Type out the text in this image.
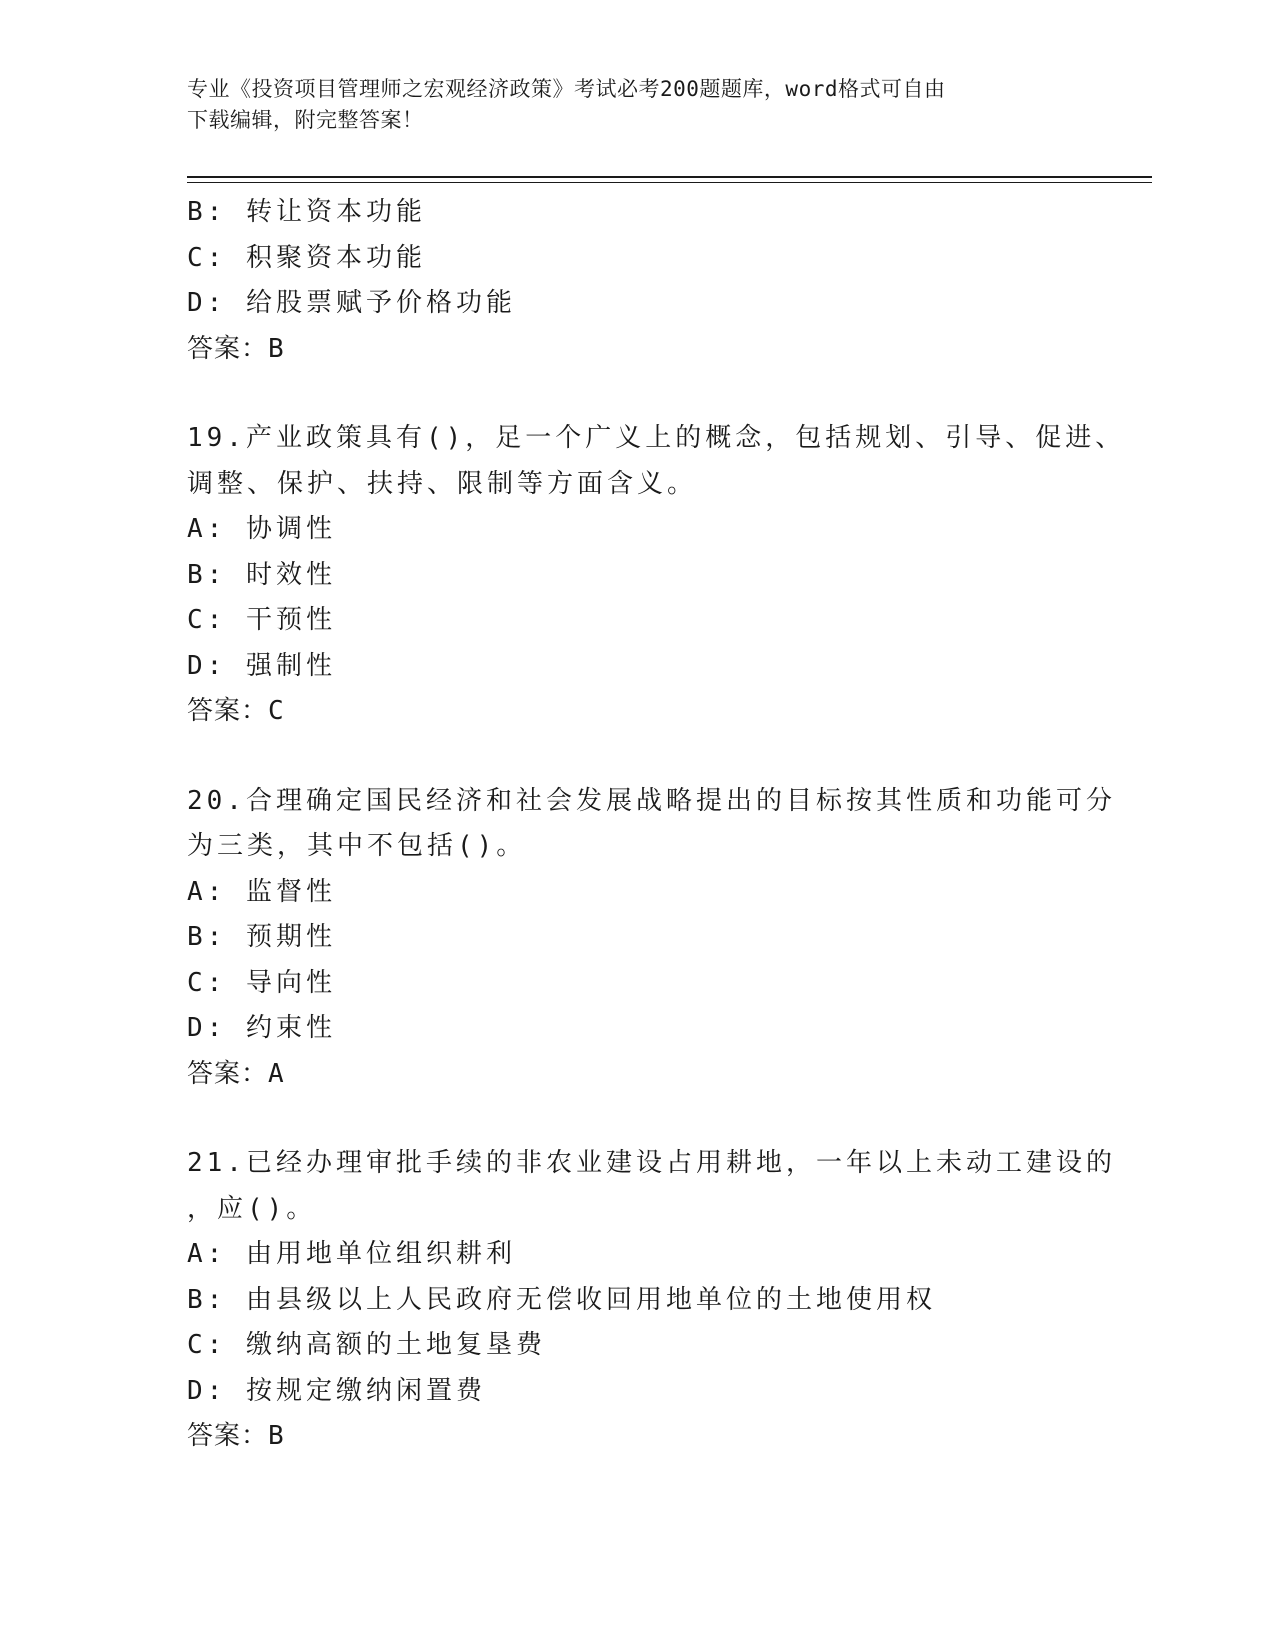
专业《投资项目管理师之宏观经济政策》考试必考200题题库，word格式可自由
下载编辑，附完整答案！
B: 转让资本功能
C: 积聚资本功能
D: 给股票赋予价格功能
答案：B
19.产业政策具有()，足一个广义上的概念，包括规划、引导、促进、
调整、保护、扶持、限制等方面含义。
A: 协调性
B: 时效性
C: 干预性
D: 强制性
答案：C
20.合理确定国民经济和社会发展战略提出的目标按其性质和功能可分
为三类，其中不包括()。
A: 监督性
B: 预期性
C: 导向性
D: 约束性
答案：A
21.已经办理审批手续的非农业建设占用耕地，一年以上未动工建设的
，应()。
A: 由用地单位组织耕利
B: 由县级以上人民政府无偿收回用地单位的土地使用权
C: 缴纳高额的土地复垦费
D: 按规定缴纳闲置费
答案：B
